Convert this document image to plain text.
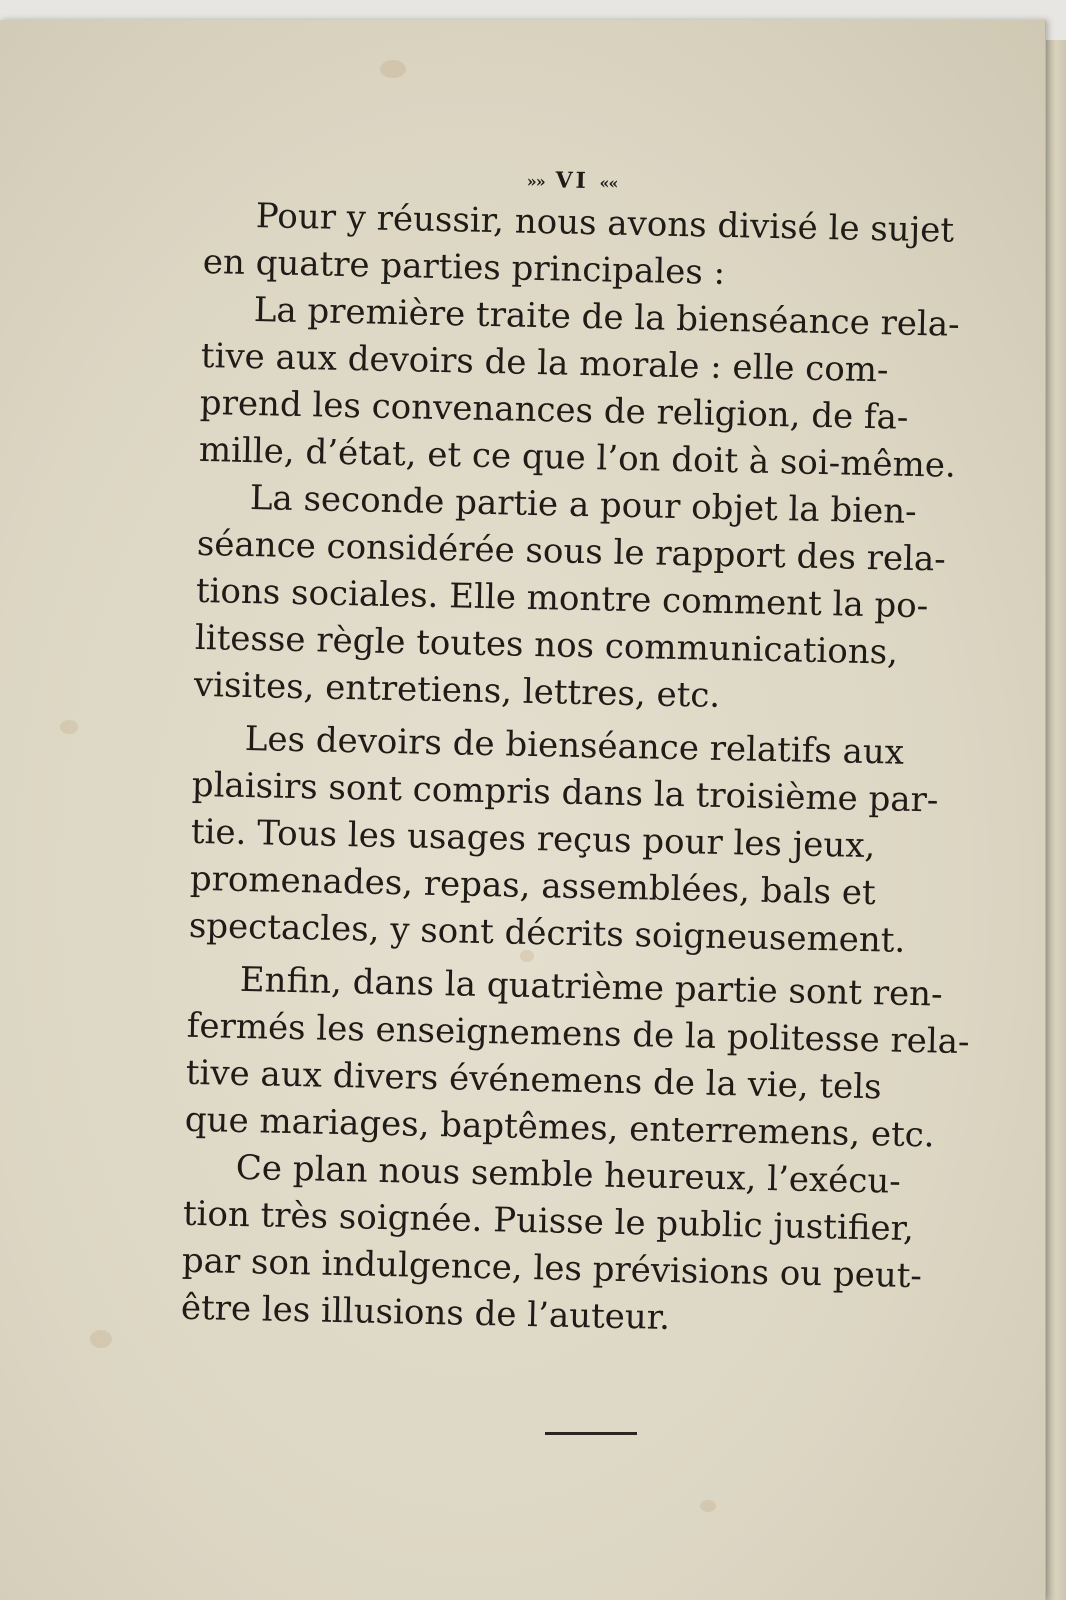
»» VI ««

Pour y réussir, nous avons divisé le sujet
en quatre parties principales :

La première traite de la bienséance rela-
tive aux devoirs de la morale : elle com-
prend les convenances de religion, de fa-
mille, d’état, et ce que l’on doit à soi-même.

La seconde partie a pour objet la bien-
séance considérée sous le rapport des rela-
tions sociales. Elle montre comment la po-
litesse règle toutes nos communications,
visites, entretiens, lettres, etc.

Les devoirs de bienséance relatifs aux
plaisirs sont compris dans la troisième par-
tie. Tous les usages reçus pour les jeux,
promenades, repas, assemblées, bals et
spectacles, y sont décrits soigneusement.

Enfin, dans la quatrième partie sont ren-
fermés les enseignemens de la politesse rela-
tive aux divers événemens de la vie, tels
que mariages, baptêmes, enterremens, etc.

Ce plan nous semble heureux, l’exécu-
tion très soignée. Puisse le public justifier,
par son indulgence, les prévisions ou peut-
être les illusions de l’auteur.
